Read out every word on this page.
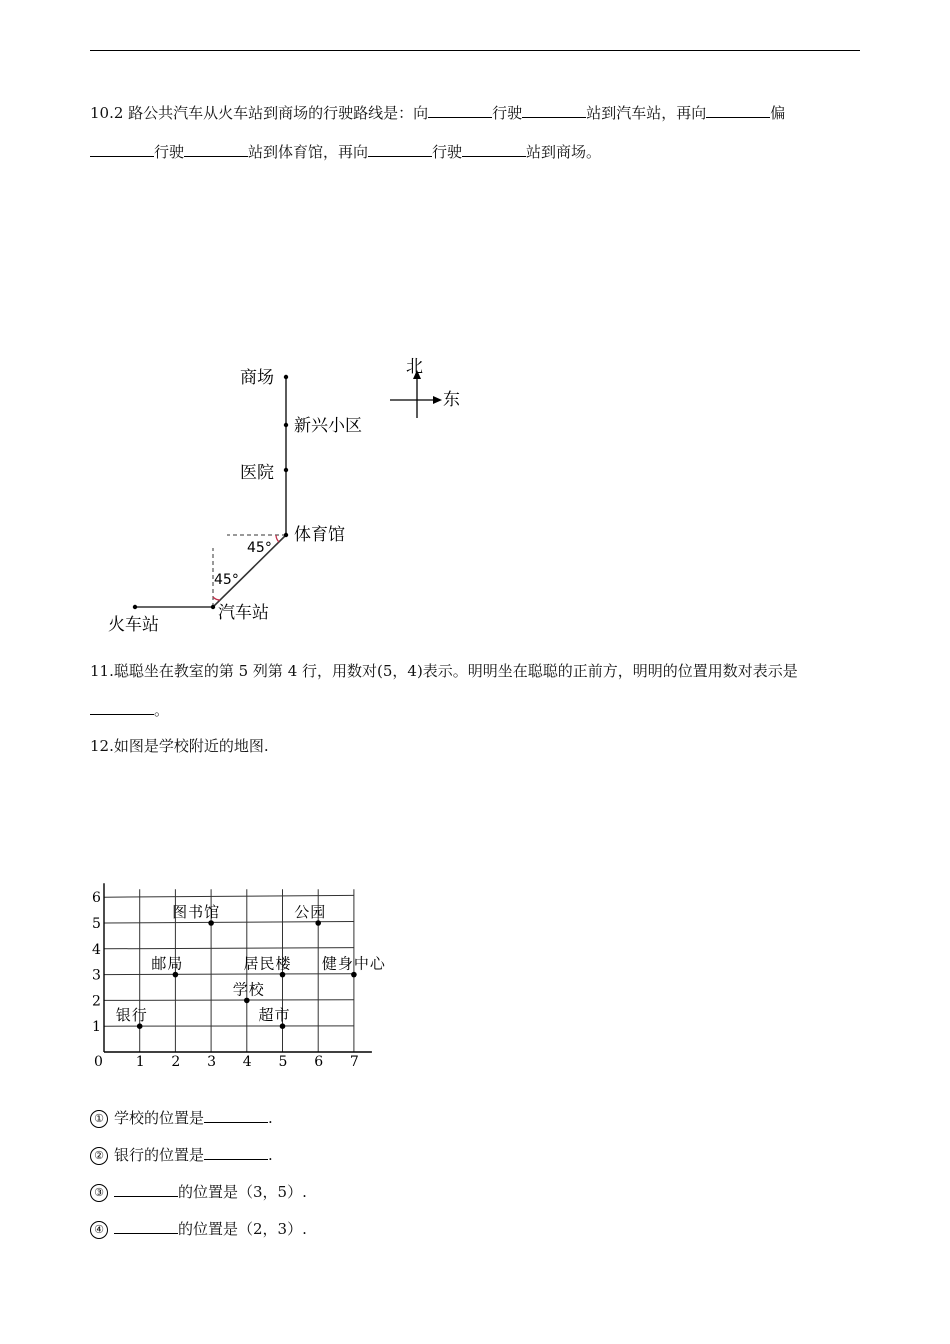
10.2 路公共汽车从火车站到商场的行驶路线是：向	行驶	站到汽车站，再向	偏
行驶	站到体育馆，再向	行驶	站到商场。
北
东
火车站
汽车站
体育馆
医院
新兴小区
商场
45°
45°
11.聪聪坐在教室的第 5 列第 4 行，用数对(5，4)表示。明明坐在聪聪的正前方，明明的位置用数对表示是
。
12.如图是学校附近的地图.
0 1 2 3 4 5 6 7
1
2
3
4
5
6
图书馆	公园
邮局	居民楼 健身中心
学校
银行	超市
① 学校的位置是	.
② 银行的位置是	.
③	的位置是（3，5）.
④	的位置是（2，3）.
